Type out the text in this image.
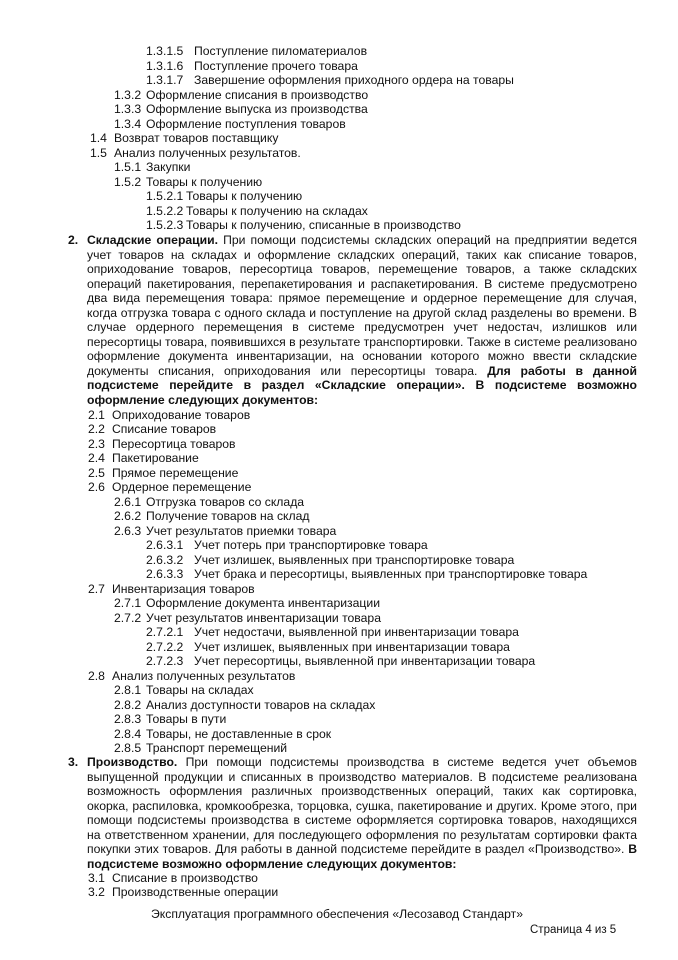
1.3.1.5 Поступление пиломатериалов
1.3.1.6 Поступление прочего товара
1.3.1.7 Завершение оформления приходного ордера на товары
1.3.2 Оформление списания в производство
1.3.3 Оформление выпуска из производства
1.3.4 Оформление поступления товаров
1.4 Возврат товаров поставщику
1.5 Анализ полученных результатов.
1.5.1 Закупки
1.5.2 Товары к получению
1.5.2.1 Товары к получению
1.5.2.2 Товары к получению на складах
1.5.2.3 Товары к получению, списанные в производство
2. Складские операции. При помощи подсистемы складских операций на предприятии ведется учет товаров на складах и оформление складских операций, таких как списание товаров, оприходование товаров, пересортица товаров, перемещение товаров, а также складских операций пакетирования, перепакетирования и распакетирования. В системе предусмотрено два вида перемещения товара: прямое перемещение и ордерное перемещение для случая, когда отгрузка товара с одного склада и поступление на другой склад разделены во времени. В случае ордерного перемещения в системе предусмотрен учет недостач, излишков или пересортицы товара, появившихся в результате транспортировки. Также в системе реализовано оформление документа инвентаризации, на основании которого можно ввести складские документы списания, оприходования или пересортицы товара. Для работы в данной подсистеме перейдите в раздел «Складские операции». В подсистеме возможно оформление следующих документов:
2.1 Оприходование товаров
2.2 Списание товаров
2.3 Пересортица товаров
2.4 Пакетирование
2.5 Прямое перемещение
2.6 Ордерное перемещение
2.6.1 Отгрузка товаров со склада
2.6.2 Получение товаров на склад
2.6.3 Учет результатов приемки товара
2.6.3.1 Учет потерь при транспортировке товара
2.6.3.2 Учет излишек, выявленных при транспортировке товара
2.6.3.3 Учет брака и пересортицы, выявленных при транспортировке товара
2.7 Инвентаризация товаров
2.7.1 Оформление документа инвентаризации
2.7.2 Учет результатов инвентаризации товара
2.7.2.1 Учет недостачи, выявленной при инвентаризации товара
2.7.2.2 Учет излишек, выявленных при инвентаризации товара
2.7.2.3 Учет пересортицы, выявленной при инвентаризации товара
2.8 Анализ полученных результатов
2.8.1 Товары на складах
2.8.2 Анализ доступности товаров на складах
2.8.3 Товары в пути
2.8.4 Товары, не доставленные в срок
2.8.5 Транспорт перемещений
3. Производство. При помощи подсистемы производства в системе ведется учет объемов выпущенной продукции и списанных в производство материалов. В подсистеме реализована возможность оформления различных производственных операций, таких как сортировка, окорка, распиловка, кромкообрезка, торцовка, сушка, пакетирование и других. Кроме этого, при помощи подсистемы производства в системе оформляется сортировка товаров, находящихся на ответственном хранении, для последующего оформления по результатам сортировки факта покупки этих товаров. Для работы в данной подсистеме перейдите в раздел «Производство». В подсистеме возможно оформление следующих документов:
3.1 Списание в производство
3.2 Производственные операции
Эксплуатация программного обеспечения «Лесозавод Стандарт»
Страница 4 из 5
